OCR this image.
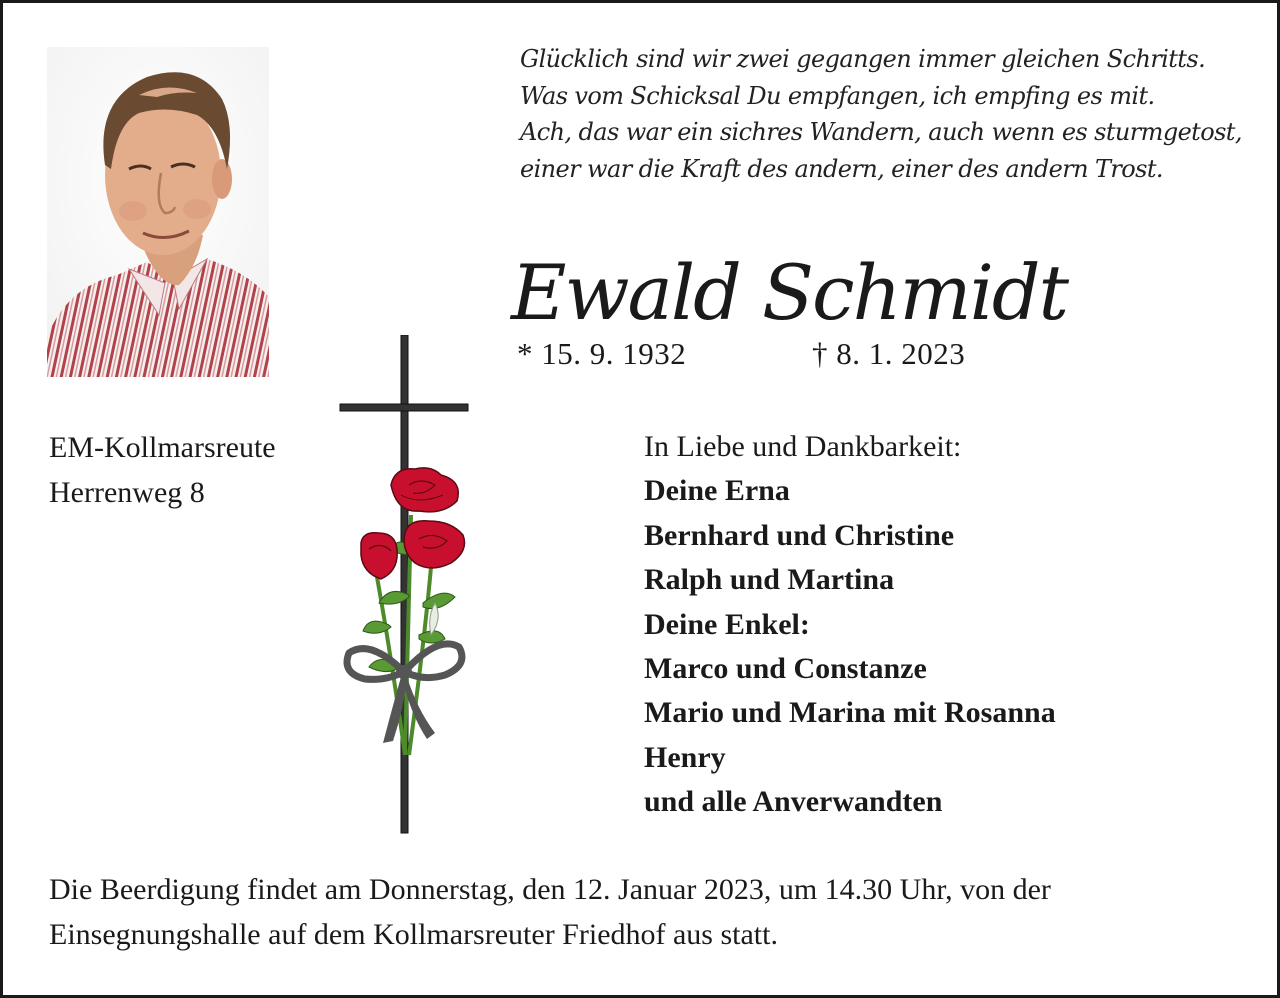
Glücklich sind wir zwei gegangen immer gleichen Schritts.
Was vom Schicksal Du empfangen, ich empfing es mit.
Ach, das war ein sichres Wandern, auch wenn es sturmgetost,
einer war die Kraft des andern, einer des andern Trost.
Ewald Schmidt
* 15. 9. 1932	† 8. 1. 2023
EM-Kollmarsreute
Herrenweg 8
In Liebe und Dankbarkeit:
Deine Erna
Bernhard und Christine
Ralph und Martina
Deine Enkel:
Marco und Constanze
Mario und Marina mit Rosanna
Henry
und alle Anverwandten
Die Beerdigung findet am Donnerstag, den 12. Januar 2023, um 14.30 Uhr, von der
Einsegnungshalle auf dem Kollmarsreuter Friedhof aus statt.
